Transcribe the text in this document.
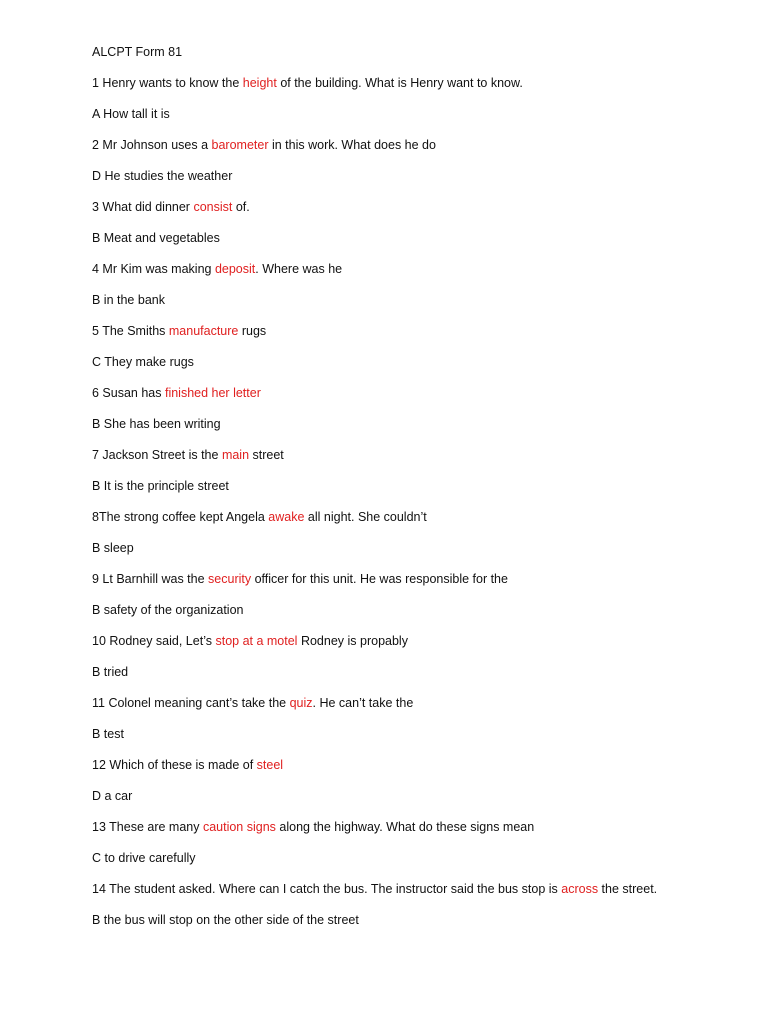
ALCPT Form 81
1 Henry wants to know the height of the building. What is Henry want to know.
A How tall it is
2 Mr Johnson uses a barometer in this work. What does he do
D He studies the weather
3 What did dinner consist of.
B Meat and vegetables
4 Mr Kim was making deposit. Where was he
B in the bank
5 The Smiths manufacture rugs
C They make rugs
6 Susan has finished her letter
B She has been writing
7 Jackson Street is the main street
B It is the principle street
8The strong coffee kept Angela awake all night. She couldn’t
B sleep
9 Lt Barnhill was the security officer for this unit. He was responsible for the
B safety of the organization
10 Rodney said, Let’s stop at a motel Rodney is propably
B tried
11 Colonel meaning cant’s take the quiz. He can’t take the
B test
12 Which of these is made of steel
D a car
13 These are many caution signs along the highway. What do these signs mean
C to drive carefully
14 The student asked. Where can I catch the bus. The instructor said the bus stop is across the street.
B the bus will stop on the other side of the street
